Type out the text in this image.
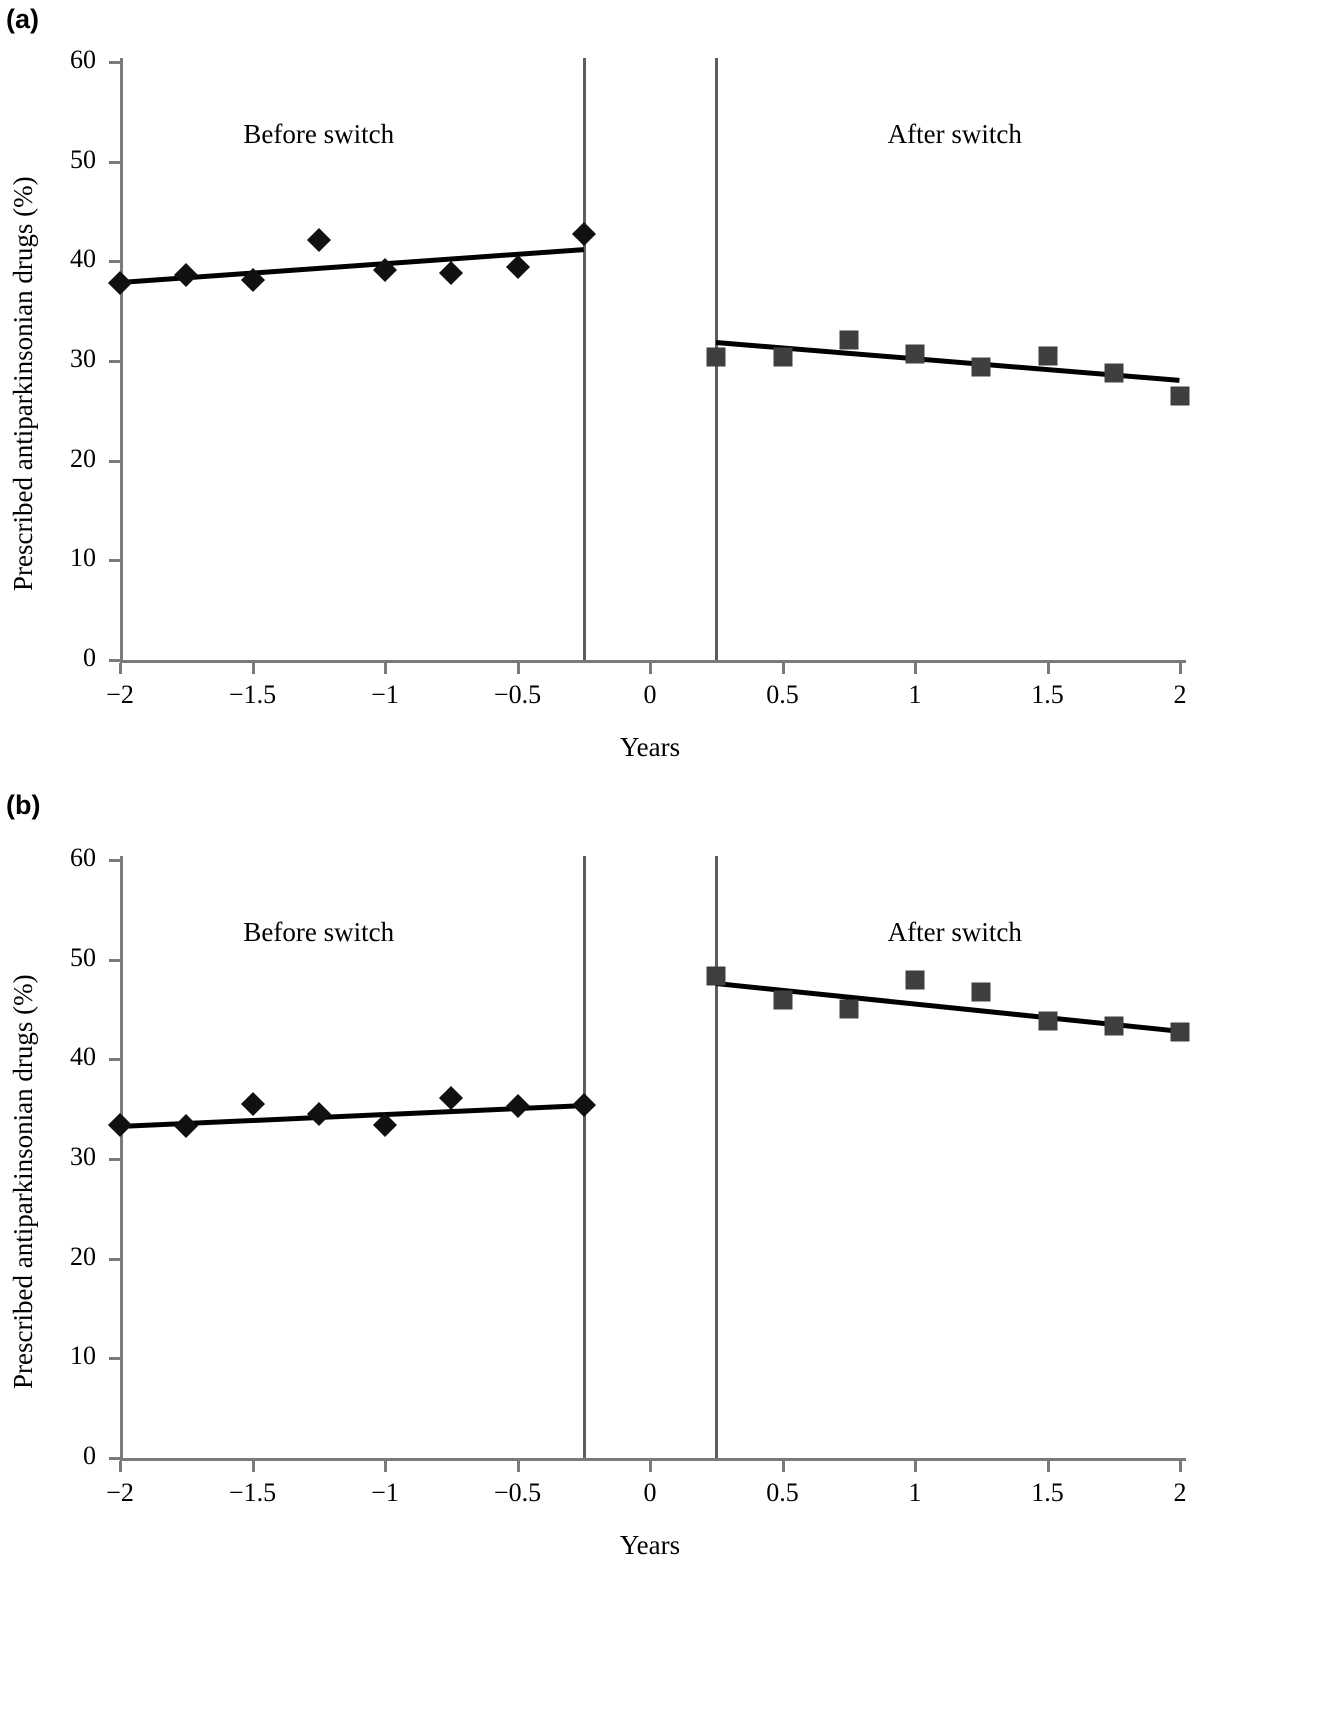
(a)
0
10
20
30
40
50
60
−2	−1.5	−1	−0.5	0	0.5	1	1.5	2
Years
Prescribed antiparkinsonian drugs (%)
Before switch	After switch
(b)
0
10
20
30
40
50
60
−2	−1.5	−1	−0.5	0	0.5	1	1.5	2
Years
Prescribed antiparkinsonian drugs (%)
Before switch	After switch
